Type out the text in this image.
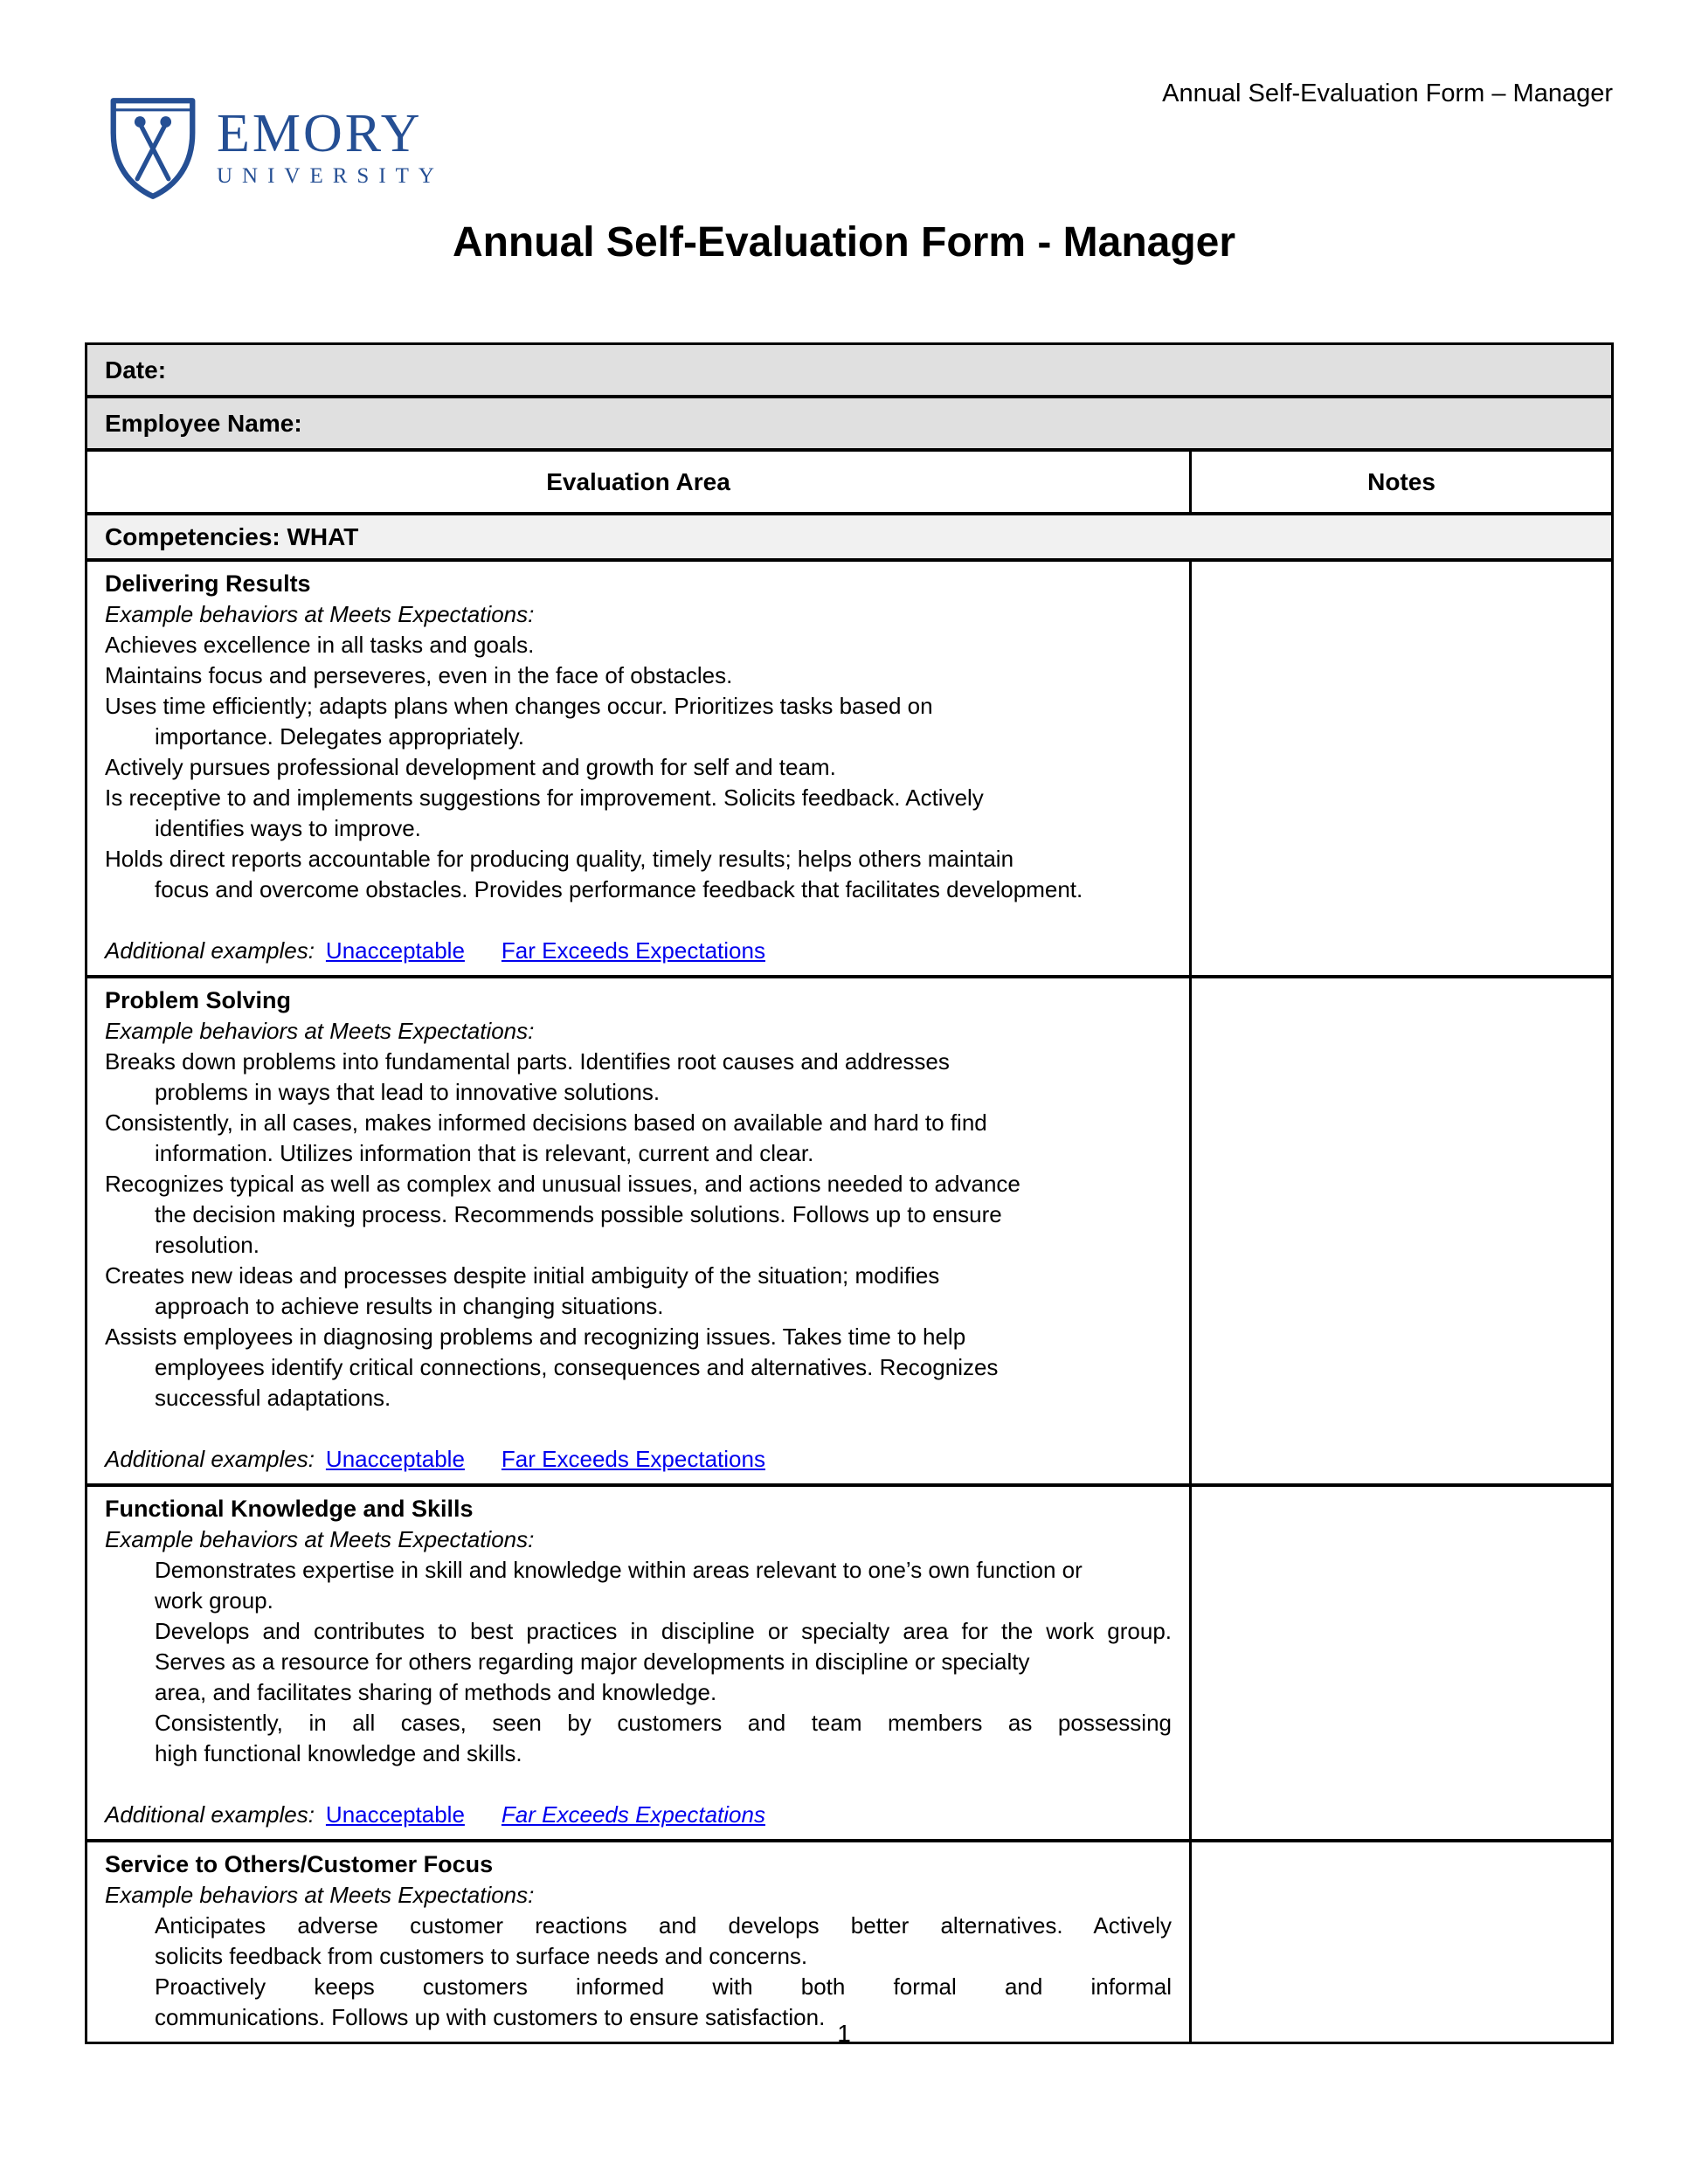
Annual Self-Evaluation Form – Manager
EMORY
UNIVERSITY
Annual Self-Evaluation Form - Manager
Date:
Employee Name:
Evaluation Area	Notes
Competencies: WHAT
Delivering Results
Example behaviors at Meets Expectations:
Achieves excellence in all tasks and goals.
Maintains focus and perseveres, even in the face of obstacles.
Uses time efficiently; adapts plans when changes occur. Prioritizes tasks based on
importance. Delegates appropriately.
Actively pursues professional development and growth for self and team.
Is receptive to and implements suggestions for improvement. Solicits feedback. Actively
identifies ways to improve.
Holds direct reports accountable for producing quality, timely results; helps others maintain
focus and overcome obstacles. Provides performance feedback that facilitates development.
Additional examples: Unacceptable Far Exceeds Expectations
Problem Solving
Example behaviors at Meets Expectations:
Breaks down problems into fundamental parts. Identifies root causes and addresses
problems in ways that lead to innovative solutions.
Consistently, in all cases, makes informed decisions based on available and hard to find
information. Utilizes information that is relevant, current and clear.
Recognizes typical as well as complex and unusual issues, and actions needed to advance
the decision making process. Recommends possible solutions. Follows up to ensure
resolution.
Creates new ideas and processes despite initial ambiguity of the situation; modifies
approach to achieve results in changing situations.
Assists employees in diagnosing problems and recognizing issues. Takes time to help
employees identify critical connections, consequences and alternatives. Recognizes
successful adaptations.
Additional examples: Unacceptable Far Exceeds Expectations
Functional Knowledge and Skills
Example behaviors at Meets Expectations:
Demonstrates expertise in skill and knowledge within areas relevant to one’s own function or
work group.
Develops and contributes to best practices in discipline or specialty area for the work group.
Serves as a resource for others regarding major developments in discipline or specialty
area, and facilitates sharing of methods and knowledge.
Consistently, in all cases, seen by customers and team members as possessing
high functional knowledge and skills.
Additional examples: Unacceptable Far Exceeds Expectations
Service to Others/Customer Focus
Example behaviors at Meets Expectations:
Anticipates adverse customer reactions and develops better alternatives. Actively
solicits feedback from customers to surface needs and concerns.
Proactively keeps customers informed with both formal and informal
communications. Follows up with customers to ensure satisfaction.
1
